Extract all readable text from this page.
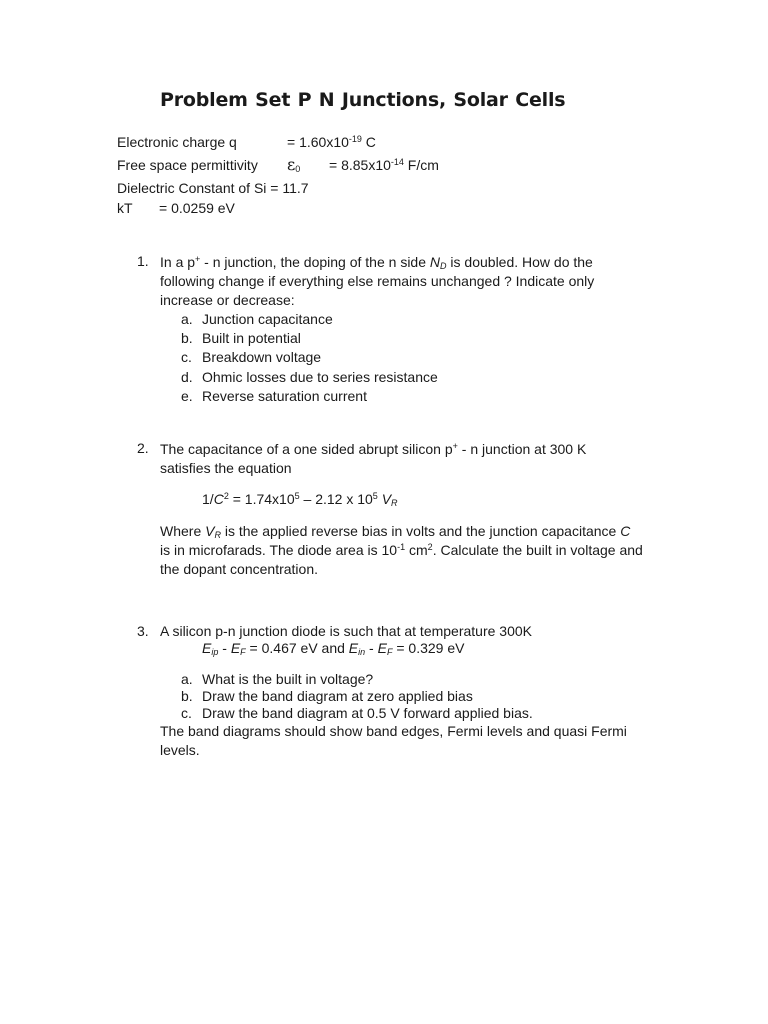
Problem Set P N Junctions, Solar Cells
Electronic charge q	= $1.60x10^{-19}$ C
Free space permittivity $\varepsilon_0 = 8.85x10^{-14}$ F/cm
Dielectric Constant of Si = 11.7
kT = 0.0259 eV
1. In a p+ - n junction, the doping of the n side $N_D$ is doubled. How do the
following change if everything else remains unchanged ? Indicate only
increase or decrease:
a. Junction capacitance
b. Built in potential
c. Breakdown voltage
d. Ohmic losses due to series resistance
e. Reverse saturation current
2. The capacitance of a one sided abrupt silicon p+ - n junction at 300 K
satisfies the equation
$1/C^2 = 1.74x10^5 - 2.12$ x $10^5$ $V_R$
Where $V_R$ is the applied reverse bias in volts and the junction capacitance C
is in microfarads. The diode area is $10^{-1}$ $cm^2$. Calculate the built in voltage and
the dopant concentration.
3. A silicon p-n junction diode is such that at temperature 300K
$E_{ip} - E_F = 0.467$ eV and $E_{in} - E_F = 0.329$ eV
a. What is the built in voltage?
b. Draw the band diagram at zero applied bias
c. Draw the band diagram at 0.5 V forward applied bias.
The band diagrams should show band edges, Fermi levels and quasi Fermi
levels.
